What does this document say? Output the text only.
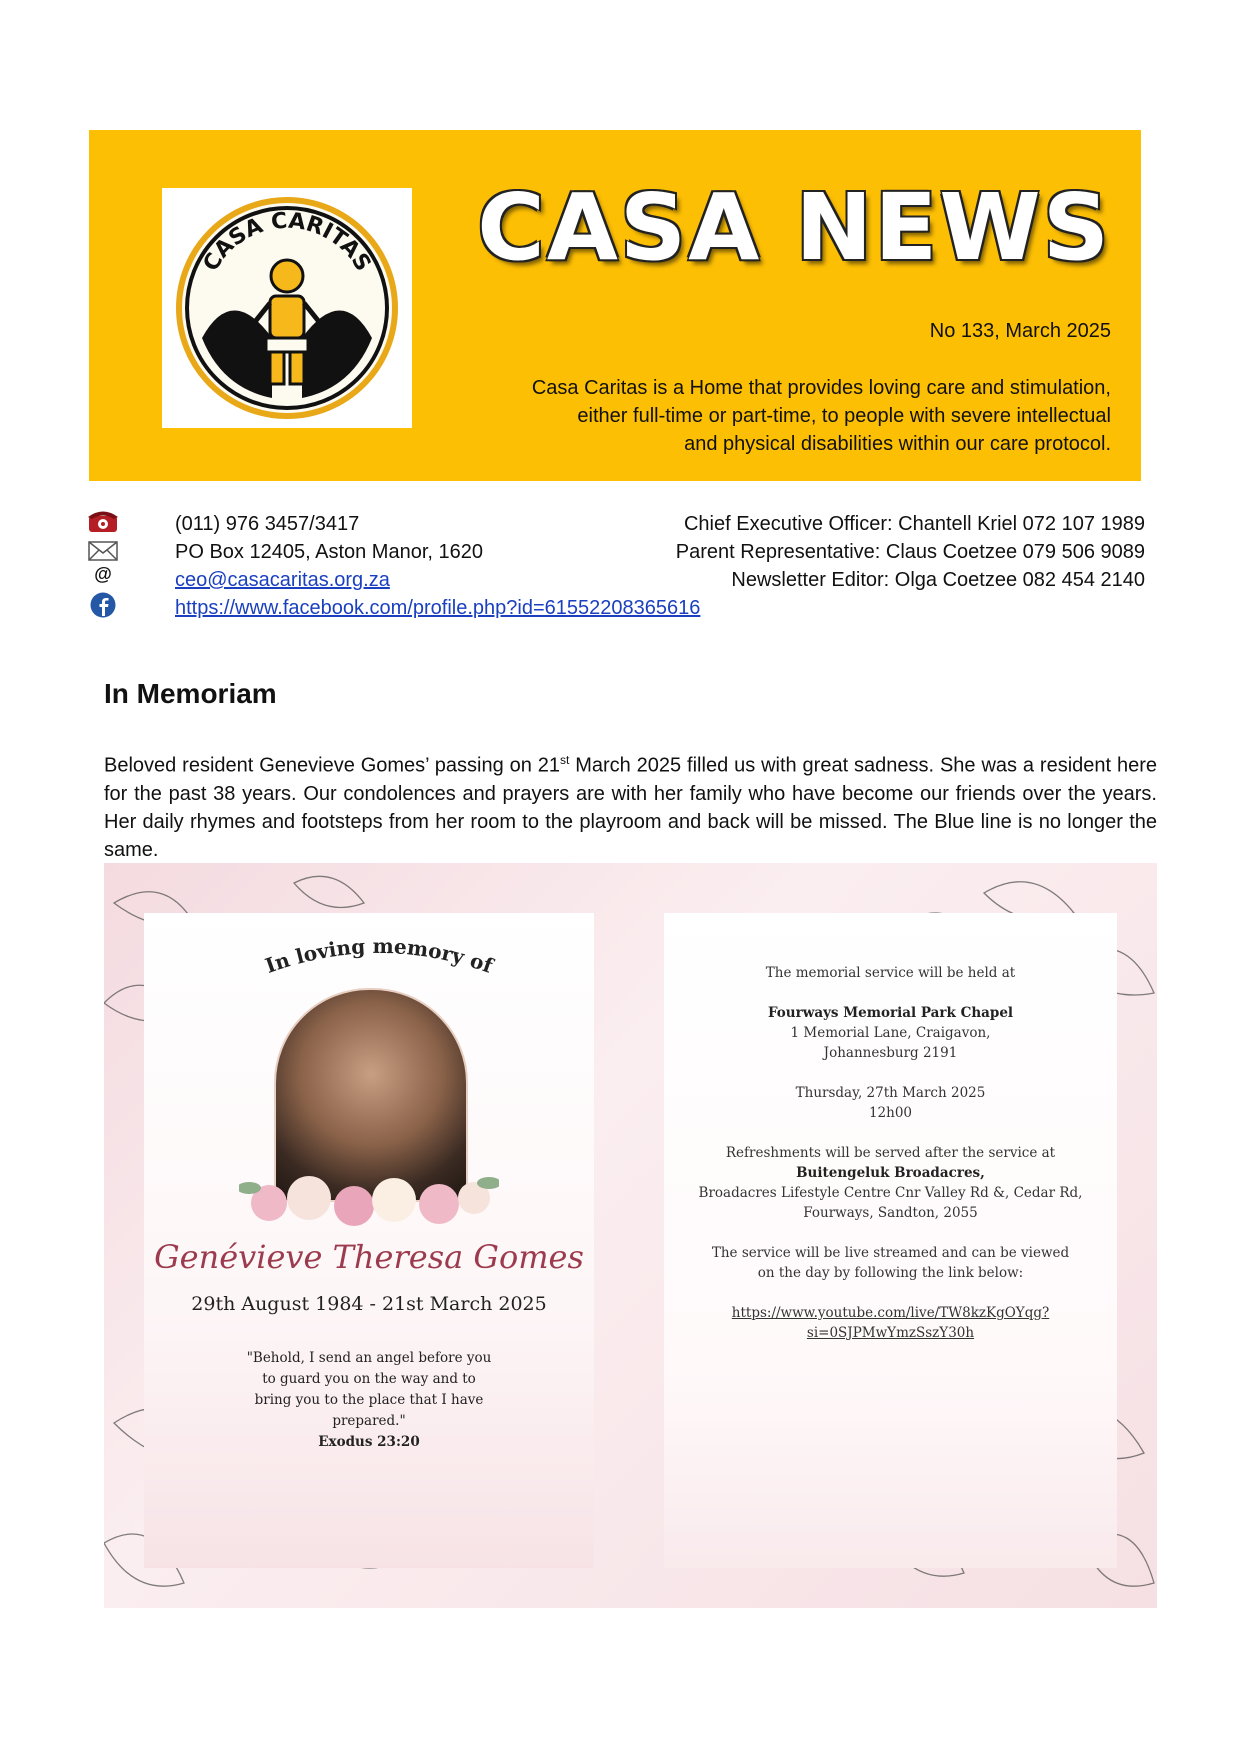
CASA CARITAS CASA NEWS
No 133, March 2025
Casa Caritas is a Home that provides loving care and stimulation,
either full-time or part-time, to people with severe intellectual
and physical disabilities within our care protocol.
@
(011) 976 3457/3417
PO Box 12405, Aston Manor, 1620
ceo@casacaritas.org.za
https://www.facebook.com/profile.php?id=61552208365616
Chief Executive Officer: Chantell Kriel 072 107 1989
Parent Representative: Claus Coetzee 079 506 9089
Newsletter Editor: Olga Coetzee 082 454 2140
In Memoriam
Beloved resident Genevieve Gomes’ passing on 21st March 2025 filled us with great sadness. She was a resident here for the past 38 years. Our condolences and prayers are with her family who have become our friends over the years. Her daily rhymes and footsteps from her room to the playroom and back will be missed. The Blue line is no longer the same.
In loving memory of
Genévieve Theresa Gomes
29th August 1984 - 21st March 2025
"Behold, I send an angel before you
to guard you on the way and to
bring you to the place that I have
prepared."
Exodus 23:20

The memorial service will be held at

Fourways Memorial Park Chapel
1 Memorial Lane, Craigavon,
Johannesburg 2191

Thursday, 27th March 2025
12h00

Refreshments will be served after the service at
Buitengeluk Broadacres,
Broadacres Lifestyle Centre Cnr Valley Rd &, Cedar Rd,
Fourways, Sandton, 2055

The service will be live streamed and can be viewed
on the day by following the link below:

https://www.youtube.com/live/TW8kzKgOYqg?
si=0SJPMwYmzSszY30h
